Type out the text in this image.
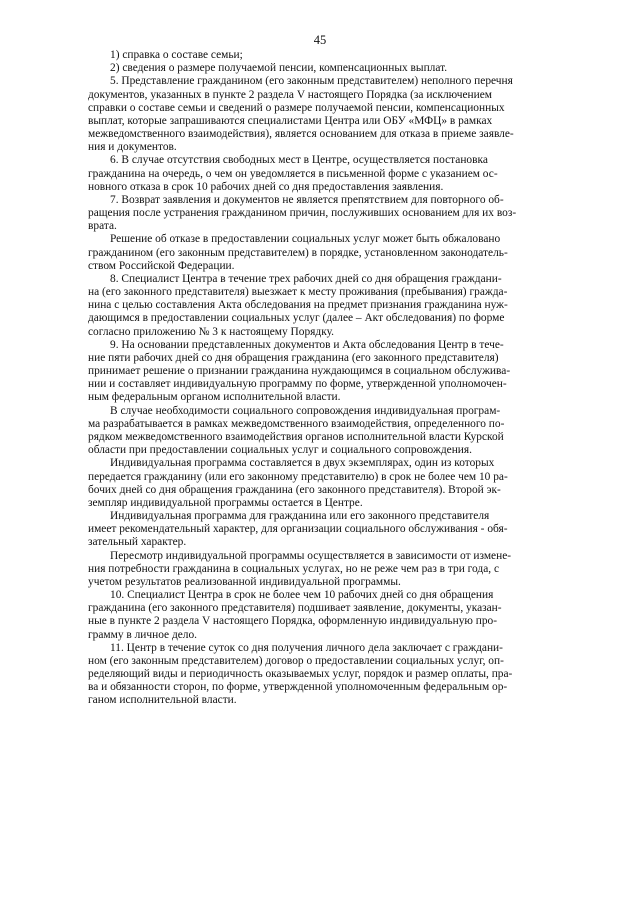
45
1) справка о составе семьи;
2) сведения о размере получаемой пенсии, компенсационных выплат.
5. Представление гражданином (его законным представителем) неполного перечня
документов, указанных в пункте 2 раздела V настоящего Порядка (за исключением
справки о составе семьи и сведений о размере получаемой пенсии, компенсационных
выплат, которые запрашиваются специалистами Центра или ОБУ «МФЦ» в рамках
межведомственного взаимодействия), является основанием для отказа в приеме заявле-
ния и документов.
6. В случае отсутствия свободных мест в Центре, осуществляется постановка
гражданина на очередь, о чем он уведомляется в письменной форме с указанием ос-
новного отказа в срок 10 рабочих дней со дня предоставления заявления.
7. Возврат заявления и документов не является препятствием для повторного об-
ращения после устранения гражданином причин, послуживших основанием для их воз-
врата.
Решение об отказе в предоставлении социальных услуг может быть обжаловано
гражданином (его законным представителем) в порядке, установленном законодатель-
ством Российской Федерации.
8. Специалист Центра в течение трех рабочих дней со дня обращения граждани-
на (его законного представителя) выезжает к месту проживания (пребывания) гражда-
нина с целью составления Акта обследования на предмет признания гражданина нуж-
дающимся в предоставлении социальных услуг (далее – Акт обследования) по форме
согласно приложению № 3 к настоящему Порядку.
9. На основании представленных документов и Акта обследования Центр в тече-
ние пяти рабочих дней со дня обращения гражданина (его законного представителя)
принимает решение о признании гражданина нуждающимся в социальном обслужива-
нии и составляет индивидуальную программу по форме, утвержденной уполномочен-
ным федеральным органом исполнительной власти.
В случае необходимости социального сопровождения индивидуальная програм-
ма разрабатывается в рамках межведомственного взаимодействия, определенного по-
рядком межведомственного взаимодействия органов исполнительной власти Курской
области при предоставлении социальных услуг и социального сопровождения.
Индивидуальная программа составляется в двух экземплярах, один из которых
передается гражданину (или его законному представителю) в срок не более чем 10 ра-
бочих дней со дня обращения гражданина (его законного представителя). Второй эк-
земпляр индивидуальной программы остается в Центре.
Индивидуальная программа для гражданина или его законного представителя
имеет рекомендательный характер, для организации социального обслуживания - обя-
зательный характер.
Пересмотр индивидуальной программы осуществляется в зависимости от измене-
ния потребности гражданина в социальных услугах, но не реже чем раз в три года, с
учетом результатов реализованной индивидуальной программы.
10. Специалист Центра в срок не более чем 10 рабочих дней со дня обращения
гражданина (его законного представителя) подшивает заявление, документы, указан-
ные в пункте 2 раздела V настоящего Порядка, оформленную индивидуальную про-
грамму в личное дело.
11. Центр в течение суток со дня получения личного дела заключает с граждани-
ном (его законным представителем) договор о предоставлении социальных услуг, оп-
ределяющий виды и периодичность оказываемых услуг, порядок и размер оплаты, пра-
ва и обязанности сторон, по форме, утвержденной уполномоченным федеральным ор-
ганом исполнительной власти.
